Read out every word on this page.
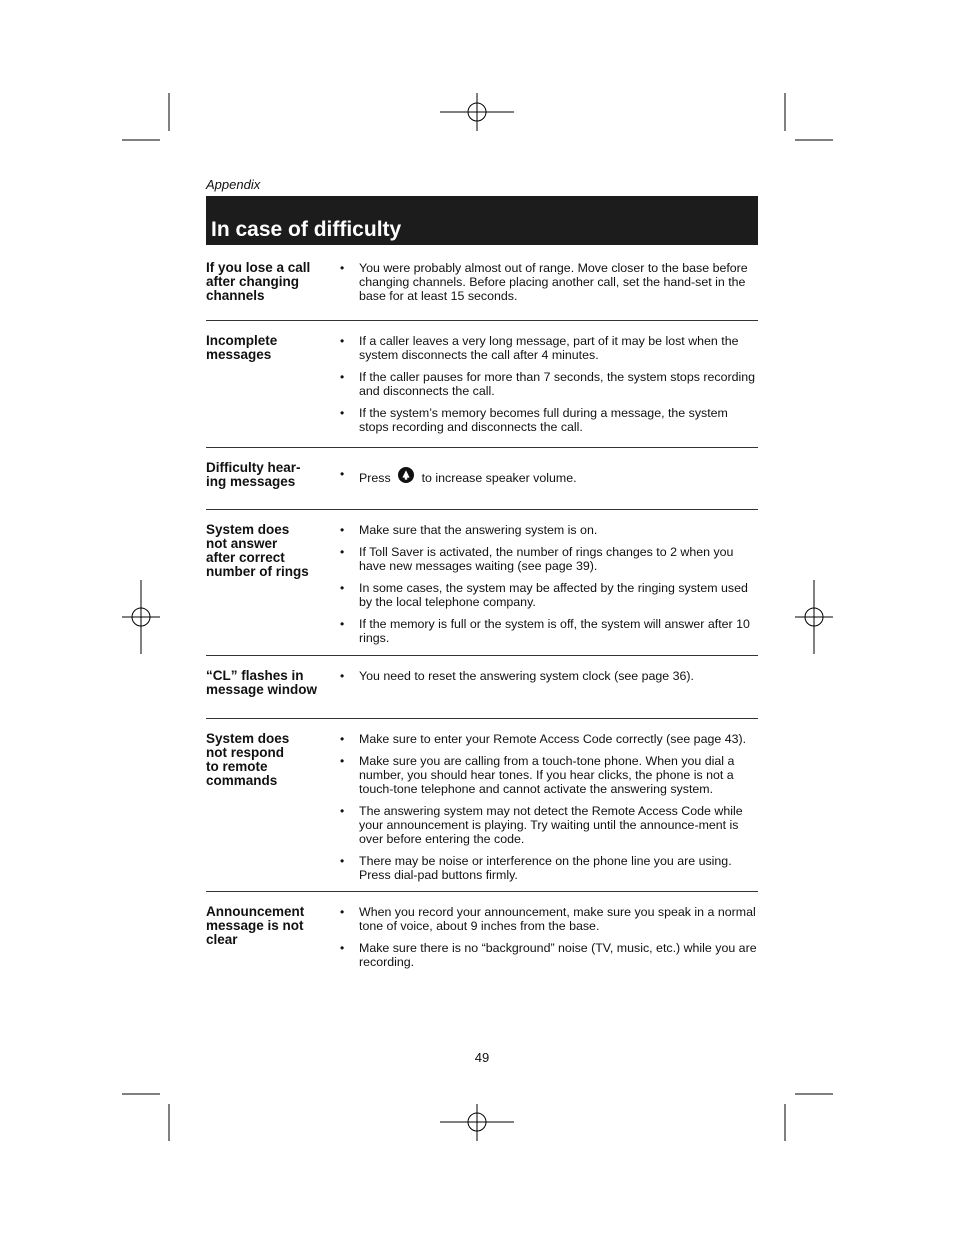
Appendix
In case of difficulty
If you lose a call
after changing
channels
• You were probably almost out of range. Move closer to the base before changing channels. Before placing another call, set the hand-set in the base for at least 15 seconds.
Incomplete
messages
• If a caller leaves a very long message, part of it may be lost when the system disconnects the call after 4 minutes.
• If the caller pauses for more than 7 seconds, the system stops recording and disconnects the call.
• If the system’s memory becomes full during a message, the system stops recording and disconnects the call.
Difficulty hear-
ing messages
•	Press to increase speaker volume.
System does
not answer
after correct
number of rings
• Make sure that the answering system is on.
• If Toll Saver is activated, the number of rings changes to 2 when you have new messages waiting (see page 39).
• In some cases, the system may be affected by the ringing system used by the local telephone company.
• If the memory is full or the system is off, the system will answer after 10 rings.
“CL” flashes in
message window
• You need to reset the answering system clock (see page 36).
System does
not respond
to remote
commands
• Make sure to enter your Remote Access Code correctly (see page 43).
• Make sure you are calling from a touch-tone phone. When you dial a number, you should hear tones. If you hear clicks, the phone is not a touch-tone telephone and cannot activate the answering system.
• The answering system may not detect the Remote Access Code while your announcement is playing. Try waiting until the announce-ment is over before entering the code.
• There may be noise or interference on the phone line you are using. Press dial-pad buttons firmly.
Announcement
message is not
clear
• When you record your announcement, make sure you speak in a normal tone of voice, about 9 inches from the base.
• Make sure there is no “background” noise (TV, music, etc.) while you are recording.
49
